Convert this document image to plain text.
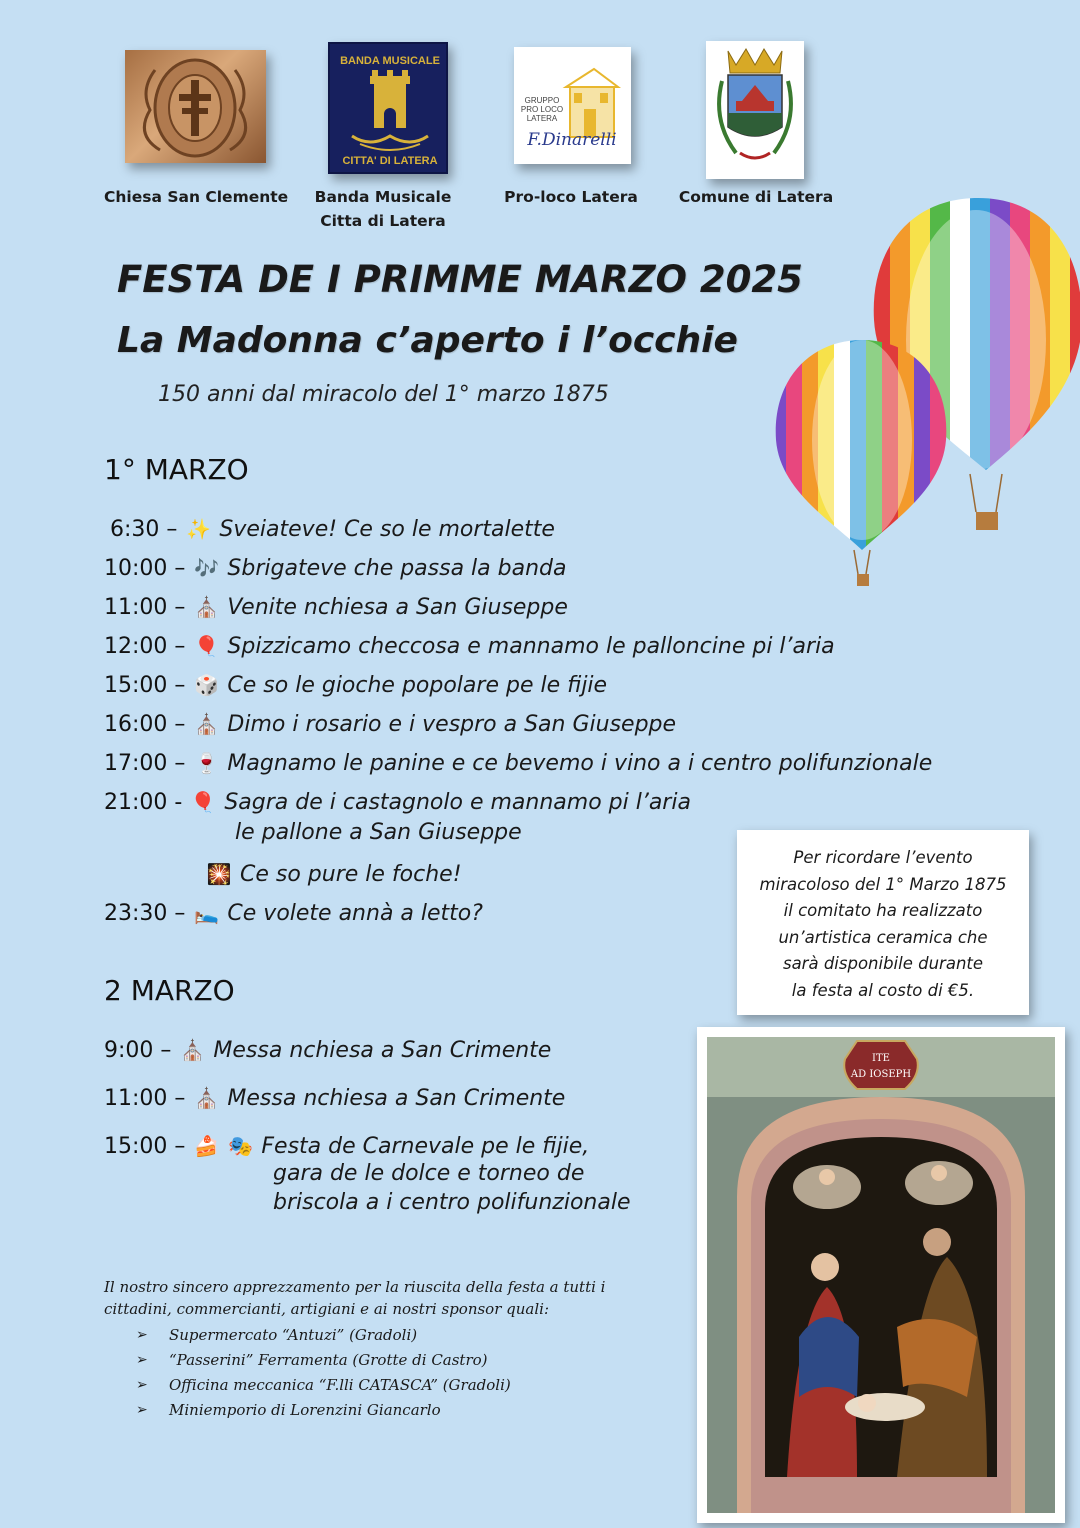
Chiesa San Clemente
BANDA MUSICALE
CITTA' DI LATERA
Banda Musicale
Citta di Latera
GRUPPO
PRO LOCO
LATERA
F.Dinarelli
Pro-loco Latera	Comune di Latera
FESTA DE I PRIMME MARZO 2025
La Madonna c’aperto i l’occhie
150 anni dal miracolo del 1° marzo 1875
1° MARZO
6:30 – ✨ Sveiateve! Ce so le mortalette
10:00 – 🎶 Sbrigateve che passa la banda
11:00 – ⛪ Venite nchiesa a San Giuseppe
12:00 – 🎈 Spizzicamo checcosa e mannamo le palloncine pi l’aria
15:00 – 🎲 Ce so le gioche popolare pe le fijie
16:00 – ⛪ Dimo i rosario e i vespro a San Giuseppe
17:00 – 🍷 Magnamo le panine e ce bevemo i vino a i centro polifunzionale
21:00 - 🎈 Sagra de i castagnolo e mannamo pi l’aria
le pallone a San Giuseppe
🎇 Ce so pure le foche!
23:30 – 🛌 Ce volete annà a letto?
2 MARZO
9:00 – ⛪ Messa nchiesa a San Crimente
11:00 – ⛪ Messa nchiesa a San Crimente
15:00 – 🍰 🎭 Festa de Carnevale pe le fijie,
gara de le dolce e torneo de
briscola a i centro polifunzionale
Per ricordare l’evento
miracoloso del 1° Marzo 1875
il comitato ha realizzato
un’artistica ceramica che
sarà disponibile durante
la festa al costo di €5.
ITE
AD IOSEPH
Il nostro sincero apprezzamento per la riuscita della festa a tutti i cittadini, commercianti, artigiani e ai nostri sponsor quali:
➢	Supermercato “Antuzi” (Gradoli)
➢	“Passerini” Ferramenta (Grotte di Castro)
➢	Officina meccanica “F.lli CATASCA” (Gradoli)
➢	Miniemporio di Lorenzini Giancarlo
